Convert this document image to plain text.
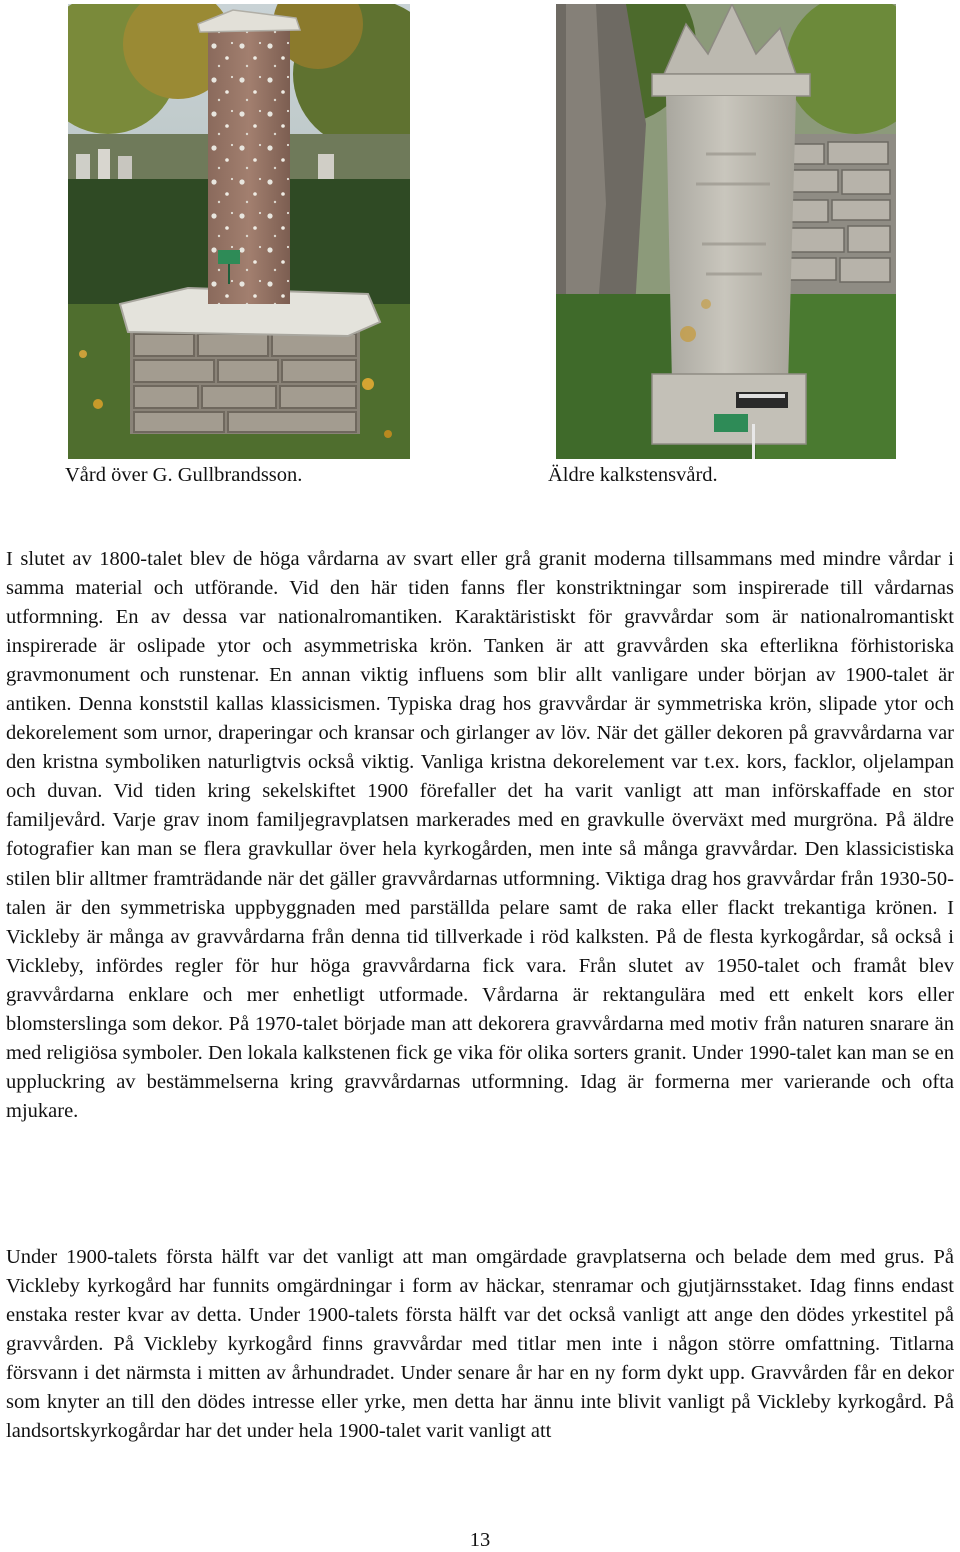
Vård över G. Gullbrandsson.	Äldre kalkstensvård.

I slutet av 1800-talet blev de höga vårdarna av svart eller grå granit moderna tillsammans med mindre vårdar i samma material och utförande. Vid den här tiden fanns fler konstriktningar som inspirerade till vårdarnas utformning. En av dessa var nationalromantiken. Karaktäristiskt för gravvårdar som är nationalromantiskt inspirerade är oslipade ytor och asymmetriska krön. Tanken är att gravvården ska efterlikna förhistoriska gravmonument och runstenar. En annan viktig influens som blir allt vanligare under början av 1900-talet är antiken. Denna konststil kallas klassicismen. Typiska drag hos gravvårdar är symmetriska krön, slipade ytor och dekorelement som urnor, draperingar och kransar och girlanger av löv. När det gäller dekoren på gravvårdarna var den kristna symboliken naturligtvis också viktig. Vanliga kristna dekorelement var t.ex. kors, facklor, oljelampan och duvan. Vid tiden kring sekelskiftet 1900 förefaller det ha varit vanligt att man införskaffade en stor familjevård. Varje grav inom familjegravplatsen markerades med en gravkulle överväxt med murgröna. På äldre fotografier kan man se flera gravkullar över hela kyrkogården, men inte så många gravvårdar. Den klassicistiska stilen blir alltmer framträdande när det gäller gravvårdarnas utformning. Viktiga drag hos gravvårdar från 1930-50-talen är den symmetriska uppbyggnaden med parställda pelare samt de raka eller flackt trekantiga krönen. I Vickleby är många av gravvårdarna från denna tid tillverkade i röd kalksten. På de flesta kyrkogårdar, så också i Vickleby, infördes regler för hur höga gravvårdarna fick vara. Från slutet av 1950-talet och framåt blev gravvårdarna enklare och mer enhetligt utformade. Vårdarna är rektangulära med ett enkelt kors eller blomsterslinga som dekor. På 1970-talet började man att dekorera gravvårdarna med motiv från naturen snarare än med religiösa symboler. Den lokala kalkstenen fick ge vika för olika sorters granit. Under 1990-talet kan man se en uppluckring av bestämmelserna kring gravvårdarnas utformning. Idag är formerna mer varierande och ofta mjukare.

Under 1900-talets första hälft var det vanligt att man omgärdade gravplatserna och belade dem med grus. På Vickleby kyrkogård har funnits omgärdningar i form av häckar, stenramar och gjutjärnsstaket. Idag finns endast enstaka rester kvar av detta. Under 1900-talets första hälft var det också vanligt att ange den dödes yrkestitel på gravvården. På Vickleby kyrkogård finns gravvårdar med titlar men inte i någon större omfattning. Titlarna försvann i det närmsta i mitten av århundradet. Under senare år har en ny form dykt upp. Gravvården får en dekor som knyter an till den dödes intresse eller yrke, men detta har ännu inte blivit vanligt på Vickleby kyrkogård. På landsortskyrkogårdar har det under hela 1900-talet varit vanligt att

13
